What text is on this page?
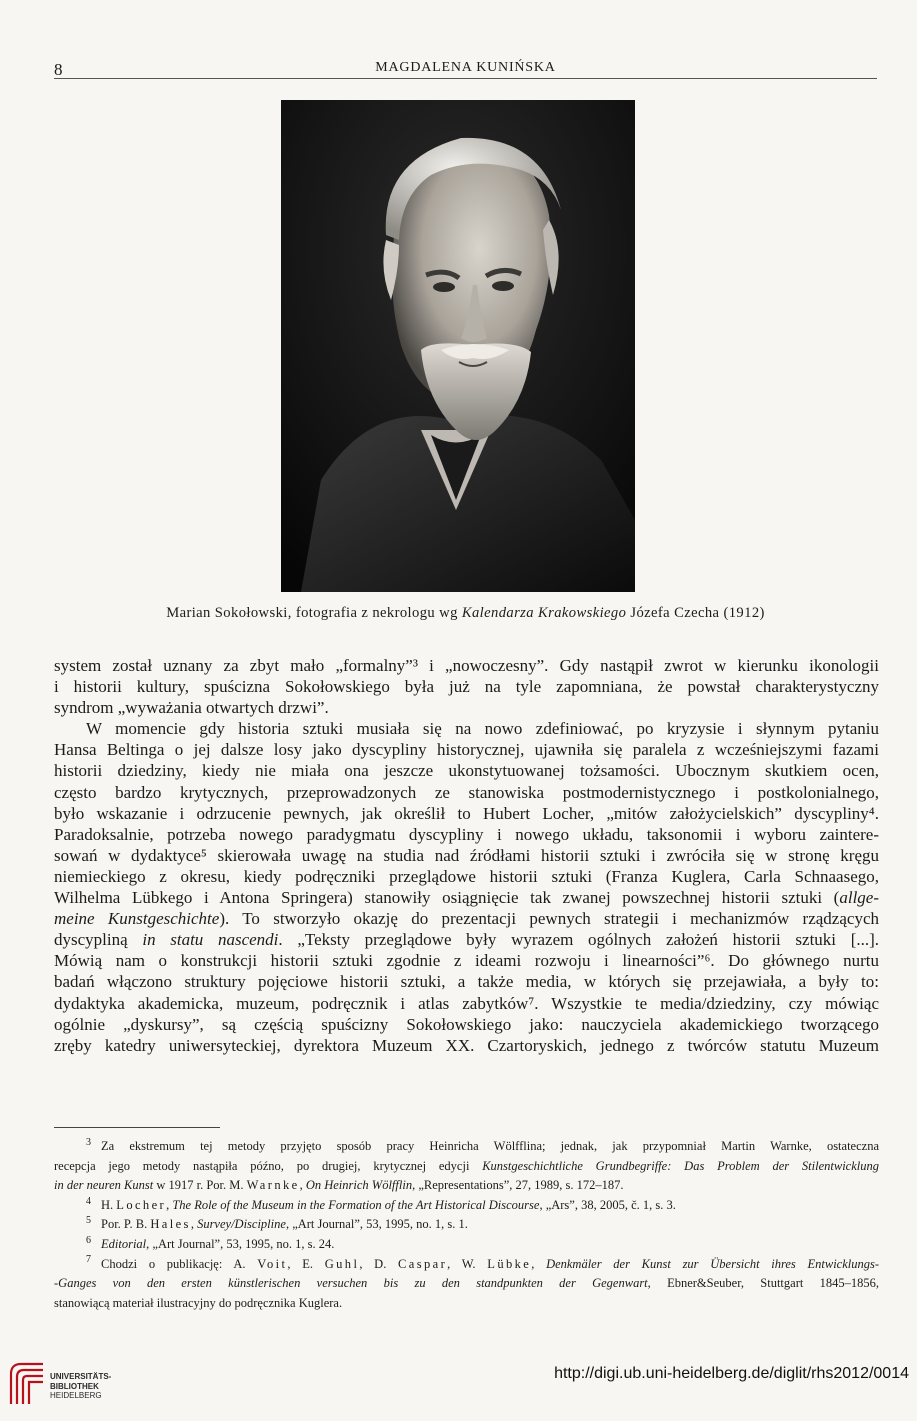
8	MAGDALENA KUNIŃSKA
Marian Sokołowski, fotografia z nekrologu wg Kalendarza Krakowskiego Józefa Czecha (1912)

system został uznany za zbyt mało „formalny”³ i „nowoczesny”. Gdy nastąpił zwrot w kierunku ikonologii
i historii kultury, spuścizna Sokołowskiego była już na tyle zapomniana, że powstał charakterystyczny
syndrom „wyważania otwartych drzwi”.

W momencie gdy historia sztuki musiała się na nowo zdefiniować, po kryzysie i słynnym pytaniu
Hansa Beltinga o jej dalsze losy jako dyscypliny historycznej, ujawniła się paralela z wcześniejszymi fazami
historii dziedziny, kiedy nie miała ona jeszcze ukonstytuowanej tożsamości. Ubocznym skutkiem ocen,
często bardzo krytycznych, przeprowadzonych ze stanowiska postmodernistycznego i postkolonialnego,
było wskazanie i odrzucenie pewnych, jak określił to Hubert Locher, „mitów założycielskich” dyscypliny⁴.
Paradoksalnie, potrzeba nowego paradygmatu dyscypliny i nowego układu, taksonomii i wyboru zaintere-
sowań w dydaktyce⁵ skierowała uwagę na studia nad źródłami historii sztuki i zwróciła się w stronę kręgu
niemieckiego z okresu, kiedy podręczniki przeglądowe historii sztuki (Franza Kuglera, Carla Schnaasego,
Wilhelma Lübkego i Antona Springera) stanowiły osiągnięcie tak zwanej powszechnej historii sztuki (allge-
meine Kunstgeschichte). To stworzyło okazję do prezentacji pewnych strategii i mechanizmów rządzących
dyscypliną in statu nascendi. „Teksty przeglądowe były wyrazem ogólnych założeń historii sztuki [...].
Mówią nam o konstrukcji historii sztuki zgodnie z ideami rozwoju i linearności”⁶. Do głównego nurtu
badań włączono struktury pojęciowe historii sztuki, a także media, w których się przejawiała, a były to:
dydaktyka akademicka, muzeum, podręcznik i atlas zabytków⁷. Wszystkie te media/dziedziny, czy mówiąc
ogólnie „dyskursy”, są częścią spuścizny Sokołowskiego jako: nauczyciela akademickiego tworzącego
zręby katedry uniwersyteckiej, dyrektora Muzeum XX. Czartoryskich, jednego z twórców statutu Muzeum

$^3$ Za ekstremum tej metody przyjęto sposób pracy Heinricha Wölfflina; jednak, jak przypomniał Martin Warnke, ostateczna
recepcja jego metody nastąpiła późno, po drugiej, krytycznej edycji Kunstgeschichtliche Grundbegriffe: Das Problem der Stilentwicklung
in der neuren Kunst w 1917 r. Por. M. Warnke, On Heinrich Wölfflin, „Representations”, 27, 1989, s. 172–187.
$^4$ H. Locher, The Role of the Museum in the Formation of the Art Historical Discourse, „Ars”, 38, 2005, č. 1, s. 3.
$^5$ Por. P. B. Hales, Survey/Discipline, „Art Journal”, 53, 1995, no. 1, s. 1.
$^6$ Editorial, „Art Journal”, 53, 1995, no. 1, s. 24.
$^7$ Chodzi o publikację: A. Voit, E. Guhl, D. Caspar, W. Lübke, Denkmäler der Kunst zur Übersicht ihres Entwicklungs-
-Ganges von den ersten künstlerischen versuchen bis zu den standpunkten der Gegenwart, Ebner&Seuber, Stuttgart 1845–1856,
stanowiącą materiał ilustracyjny do podręcznika Kuglera.
UNIVERSITÄTS-
BIBLIOTHEK
HEIDELBERG
http://digi.ub.uni-heidelberg.de/diglit/rhs2012/0014
